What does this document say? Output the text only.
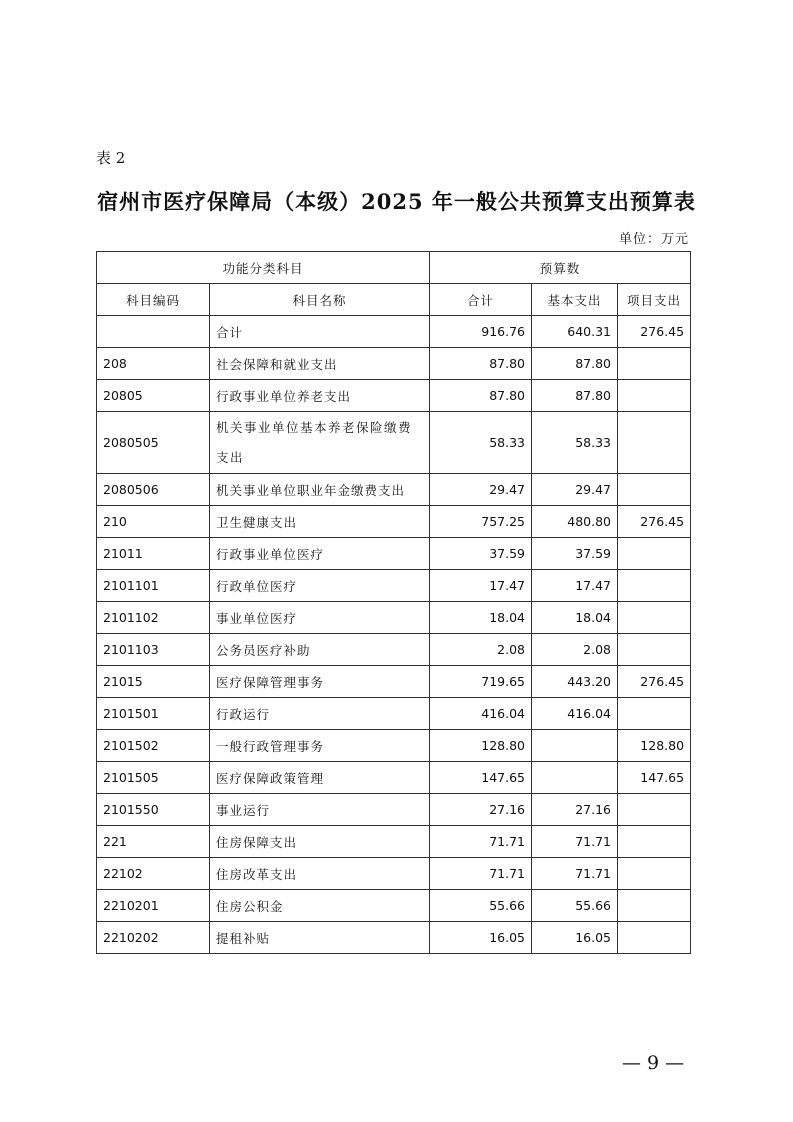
表 2
宿州市医疗保障局（本级）2025 年一般公共预算支出预算表
单位：万元
功能分类科目		预算数		
科目编码	科目名称	合计	基本支出	项目支出
	合计	916.76	640.31	276.45
208	社会保障和就业支出	87.80	87.80	
20805	行政事业单位养老支出	87.80	87.80	
2080505	机关事业单位基本养老保险缴费支出	58.33	58.33	
2080506	机关事业单位职业年金缴费支出	29.47	29.47	
210	卫生健康支出	757.25	480.80	276.45
21011	行政事业单位医疗	37.59	37.59	
2101101	行政单位医疗	17.47	17.47	
2101102	事业单位医疗	18.04	18.04	
2101103	公务员医疗补助	2.08	2.08	
21015	医疗保障管理事务	719.65	443.20	276.45
2101501	行政运行	416.04	416.04	
2101502	一般行政管理事务	128.80		128.80
2101505	医疗保障政策管理	147.65		147.65
2101550	事业运行	27.16	27.16	
221	住房保障支出	71.71	71.71	
22102	住房改革支出	71.71	71.71	
2210201	住房公积金	55.66	55.66	
2210202	提租补贴	16.05	16.05	
— 9 —
